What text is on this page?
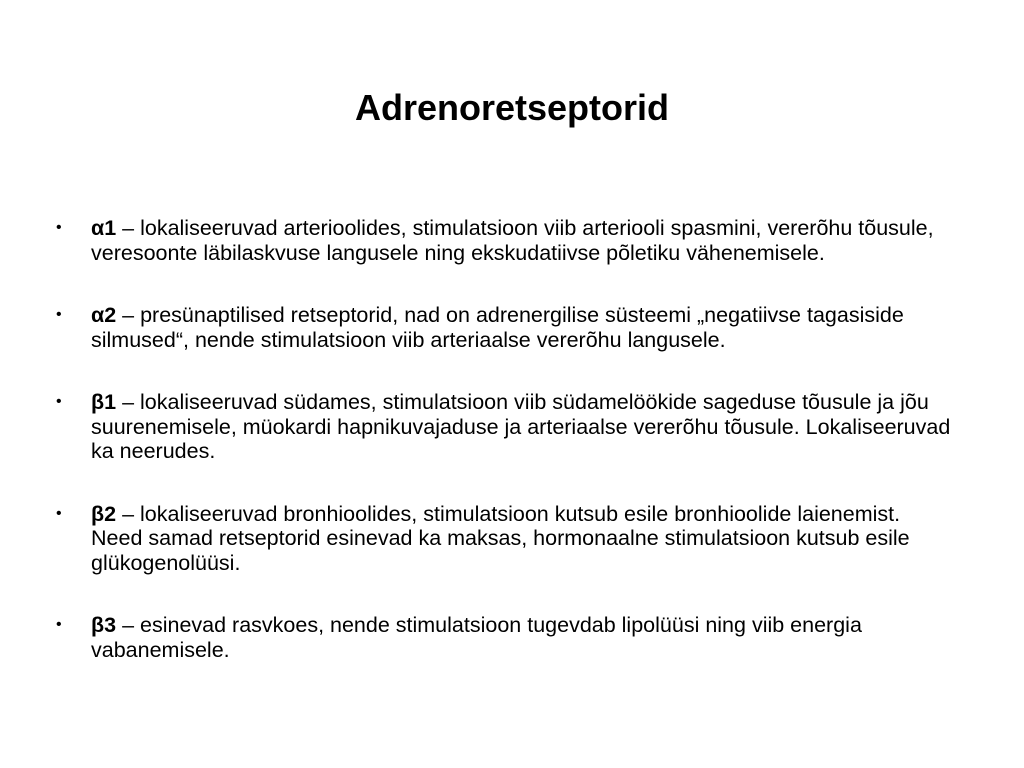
Adrenoretseptorid
• α1 – lokaliseeruvad arterioolides, stimulatsioon viib arteriooli spasmini, vererõhu tõusule, veresoonte läbilaskvuse langusele ning ekskudatiivse põletiku vähenemisele.
• α2 – presünaptilised retseptorid, nad on adrenergilise süsteemi „negatiivse tagasiside silmused“, nende stimulatsioon viib arteriaalse vererõhu langusele.
• β1 – lokaliseeruvad südames, stimulatsioon viib südamelöökide sageduse tõusule ja jõu suurenemisele, müokardi hapnikuvajaduse ja arteriaalse vererõhu tõusule. Lokaliseeruvad ka neerudes.
• β2 – lokaliseeruvad bronhioolides, stimulatsioon kutsub esile bronhioolide laienemist. Need samad retseptorid esinevad ka maksas, hormonaalne stimulatsioon kutsub esile glükogenolüüsi.
• β3 – esinevad rasvkoes, nende stimulatsioon tugevdab lipolüüsi ning viib energia vabanemisele.
